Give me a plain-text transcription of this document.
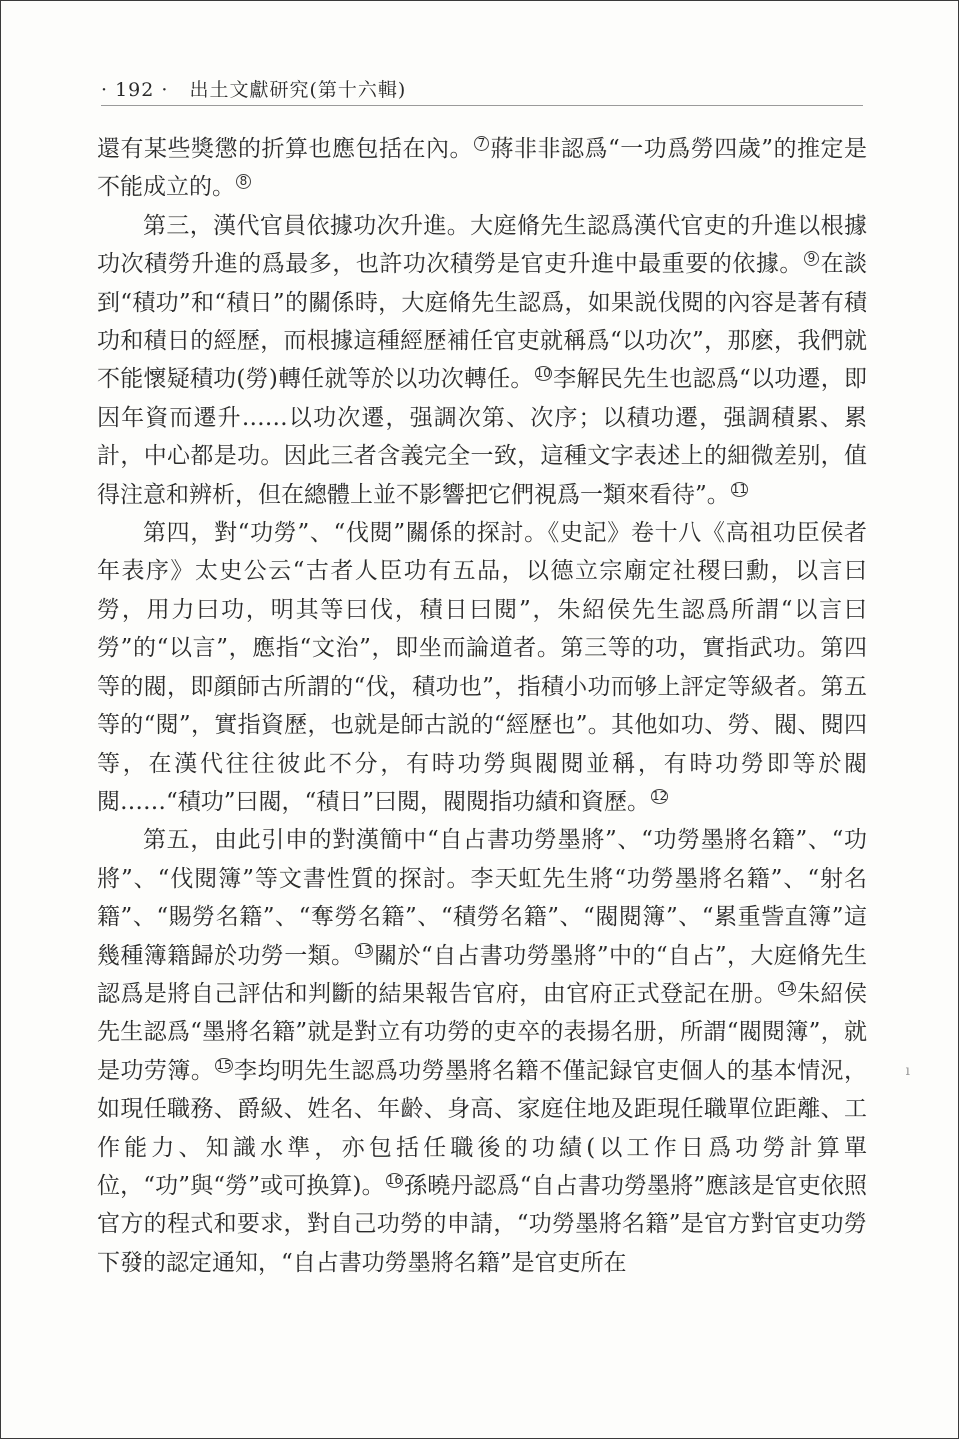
· 192 · 出土文獻研究(第十六輯)

還有某些獎懲的折算也應包括在內。 $^7$ 蔣非非認爲“一功爲勞四歲”的推定是不能成立的。 $^8$

第三，漢代官員依據功次升進。大庭脩先生認爲漢代官吏的升進以根據功次積勞升進的爲最多，也許功次積勞是官吏升進中最重要的依據。 $^9$ 在談到“積功”和“積日”的關係時，大庭脩先生認爲，如果説伐閱的內容是著有積功和積日的經歷，而根據這種經歷補任官吏就稱爲“以功次”，那麽，我們就不能懷疑積功(勞)轉任就等於以功次轉任。 $^{10}$李解民先生也認爲“以功遷，即因年資而遷升……以功次遷，强調次第、次序；以積功遷，强調積累、累計，中心都是功。因此三者含義完全一致，這種文字表述上的細微差别，值得注意和辨析，但在總體上並不影響把它們視爲一類來看待”。 $^{11}$

第四，對“功勞”、“伐閱”關係的探討。《史記》卷十八《高祖功臣侯者年表序》太史公云“古者人臣功有五品，以德立宗廟定社稷曰勳，以言曰勞，用力曰功，明其等曰伐，積日曰閱”，朱紹侯先生認爲所謂“以言曰勞”的“以言”，應指“文治”，即坐而論道者。第三等的功，實指武功。第四等的閥，即顔師古所謂的“伐，積功也”，指積小功而够上評定等級者。第五等的“閱”，實指資歷，也就是師古説的“經歷也”。其他如功、勞、閥、閱四等，在漢代往往彼此不分，有時功勞與閥閱並稱，有時功勞即等於閥閱……“積功”曰閥，“積日”曰閱，閥閱指功績和資歷。 $^{12}$

第五，由此引申的對漢簡中“自占書功勞墨將”、“功勞墨將名籍”、“功將”、“伐閱簿”等文書性質的探討。李天虹先生將“功勞墨將名籍”、“射名籍”、“賜勞名籍”、“奪勞名籍”、“積勞名籍”、“閥閱簿”、“累重訾直簿”這幾種簿籍歸於功勞一類。 $^{13}$關於“自占書功勞墨將”中的“自占”，大庭脩先生認爲是將自己評估和判斷的結果報告官府，由官府正式登記在册。 $^{14}$朱紹侯先生認爲“墨將名籍”就是對立有功勞的吏卒的表揚名册，所謂“閥閱簿”，就是功劳簿。 $^{15}$李均明先生認爲功勞墨將名籍不僅記録官吏個人的基本情況，如現任職務、爵級、姓名、年齡、身高、家庭住地及距現任職單位距離、工作能力、知識水準，亦包括任職後的功績(以工作日爲功勞計算單位，“功”與“勞”或可换算)。 $^{16}$孫曉丹認爲“自占書功勞墨將”應該是官吏依照官方的程式和要求，對自己功勞的申請，“功勞墨將名籍”是官方對官吏功勞下發的認定通知，“自占書功勞墨將名籍”是官吏所在

ı
